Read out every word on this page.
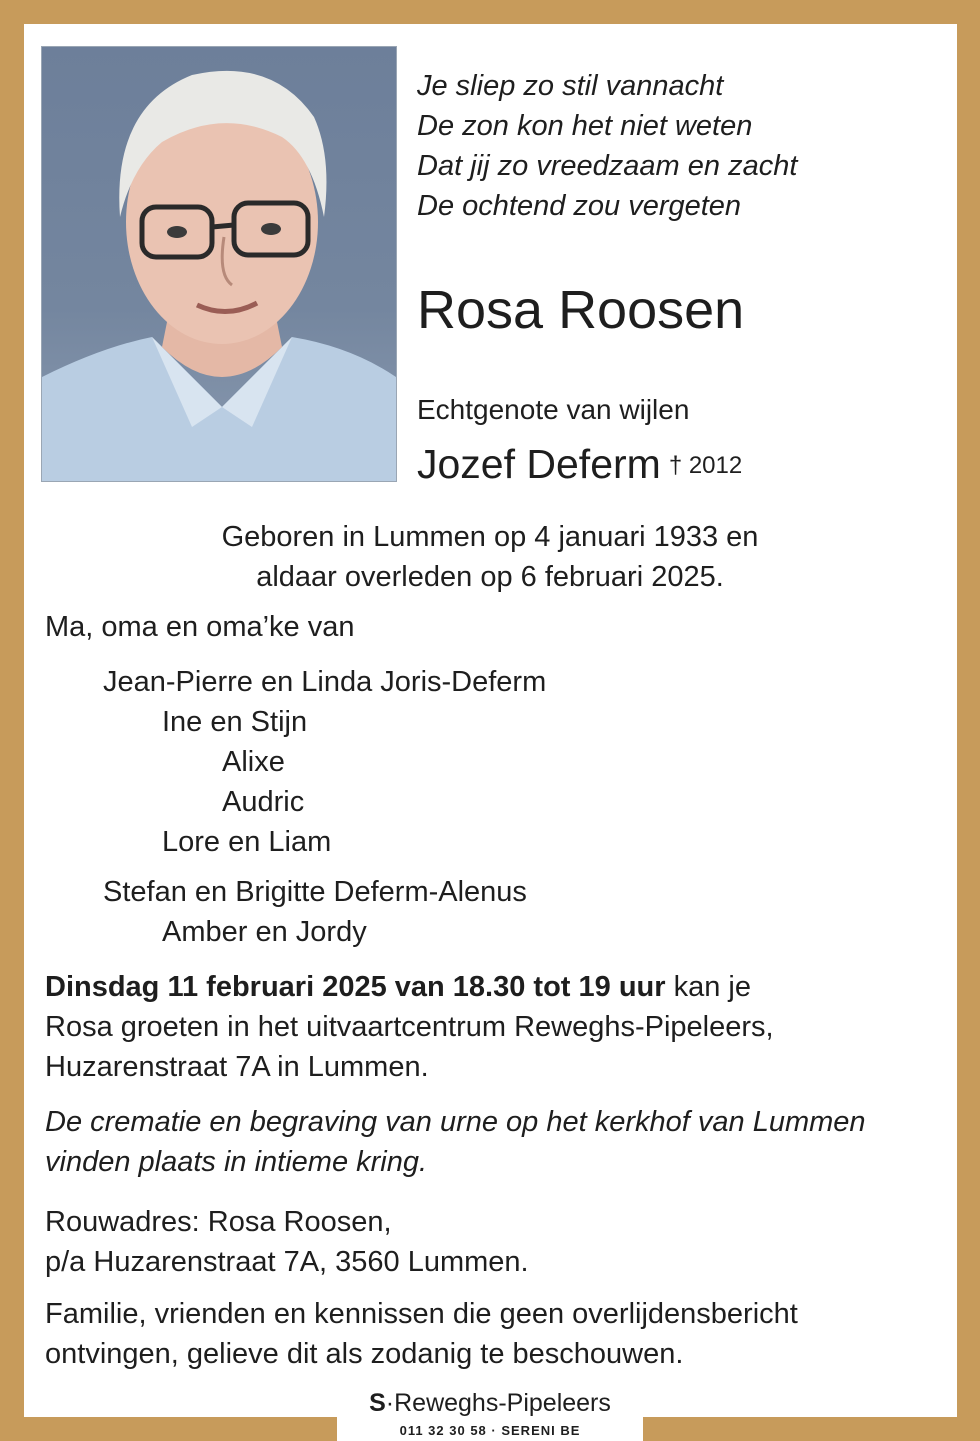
Je sliep zo stil vannacht
De zon kon het niet weten
Dat jij zo vreedzaam en zacht
De ochtend zou vergeten
Rosa Roosen
Echtgenote van wijlen
Jozef Deferm $^{\dagger 2012}$
Geboren in Lummen op 4 januari 1933 en
aldaar overleden op 6 februari 2025.
Ma, oma en oma’ke van
Jean-Pierre en Linda Joris-Deferm
Ine en Stijn
Alixe
Audric
Lore en Liam
Stefan en Brigitte Deferm-Alenus
Amber en Jordy
Dinsdag 11 februari 2025 van 18.30 tot 19 uur kan je
Rosa groeten in het uitvaartcentrum Reweghs-Pipeleers,
Huzarenstraat 7A in Lummen.
De crematie en begraving van urne op het kerkhof van Lummen
vinden plaats in intieme kring.
Rouwadres: Rosa Roosen,
p/a Huzarenstraat 7A, 3560 Lummen.
Familie, vrienden en kennissen die geen overlijdensbericht
ontvingen, gelieve dit als zodanig te beschouwen.
S·Reweghs-Pipeleers
011 32 30 58 · SERENI BE
